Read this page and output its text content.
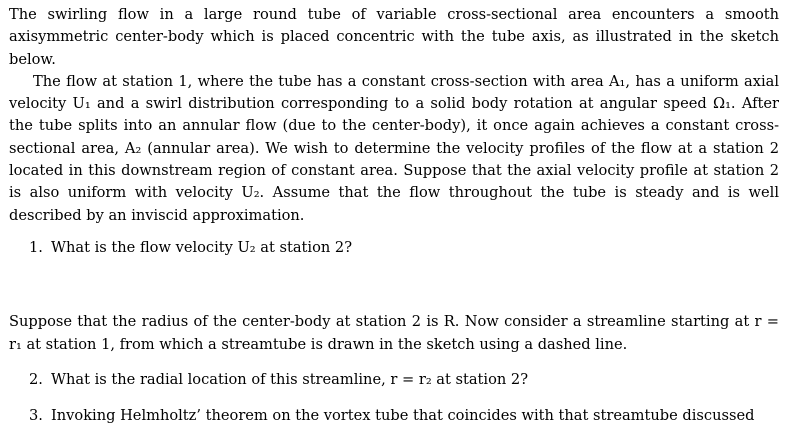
The swirling flow in a large round tube of variable cross-sectional area encounters a smooth axisymmetric center-body which is placed concentric with the tube axis, as illustrated in the sketch below.

The flow at station 1, where the tube has a constant cross-section with area A₁, has a uniform axial velocity U₁ and a swirl distribution corresponding to a solid body rotation at angular speed Ω₁. After the tube splits into an annular flow (due to the center-body), it once again achieves a constant cross-sectional area, A₂ (annular area). We wish to determine the velocity profiles of the flow at a station 2 located in this downstream region of constant area. Suppose that the axial velocity profile at station 2 is also uniform with velocity U₂. Assume that the flow throughout the tube is steady and is well described by an inviscid approximation.

1. What is the flow velocity U₂ at station 2?

Suppose that the radius of the center-body at station 2 is R. Now consider a streamline starting at r = r₁ at station 1, from which a streamtube is drawn in the sketch using a dashed line.

2. What is the radial location of this streamline, r = r₂ at station 2?

3. Invoking Helmholtz’ theorem on the vortex tube that coincides with that streamtube discussed
